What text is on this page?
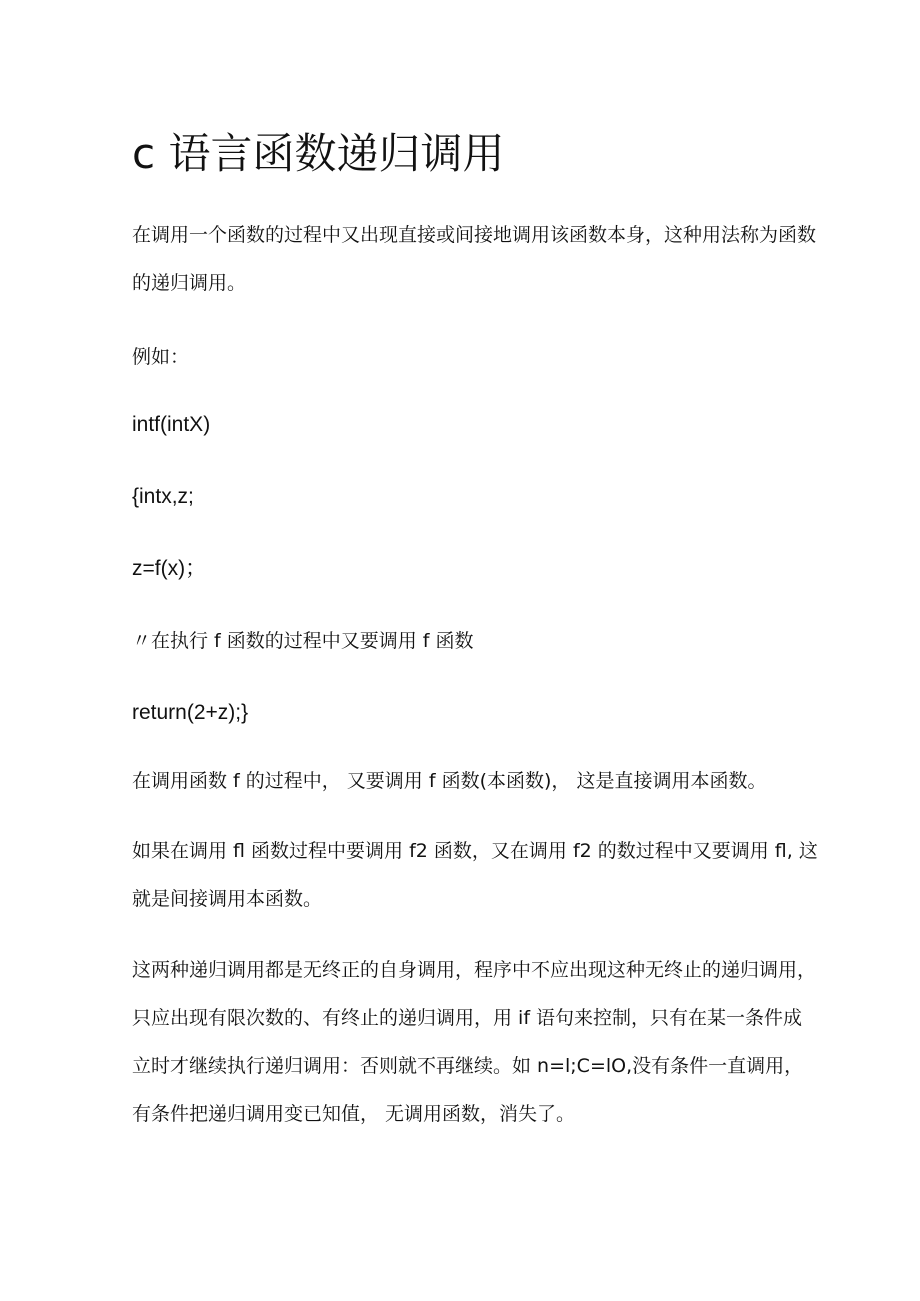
c 语言函数递归调用

在调用一个函数的过程中又出现直接或间接地调用该函数本身，这种用法称为函数

的递归调用。

例如：

intf(intX)

{intx,z;

z=f(x)；

〃在执行 f 函数的过程中又要调用 f 函数

return(2+z);}

在调用函数 f 的过程中， 又要调用 f 函数(本函数)， 这是直接调用本函数。

如果在调用 fl 函数过程中要调用 f2 函数，又在调用 f2 的数过程中又要调用 fl, 这

就是间接调用本函数。

这两种递归调用都是无终正的自身调用，程序中不应出现这种无终止的递归调用，

只应出现有限次数的、有终止的递归调用，用 if 语句来控制，只有在某一条件成

立时才继续执行递归调用：否则就不再继续。如 n=l;C=lO,没有条件一直调用，

有条件把递归调用变已知值， 无调用函数，消失了。
